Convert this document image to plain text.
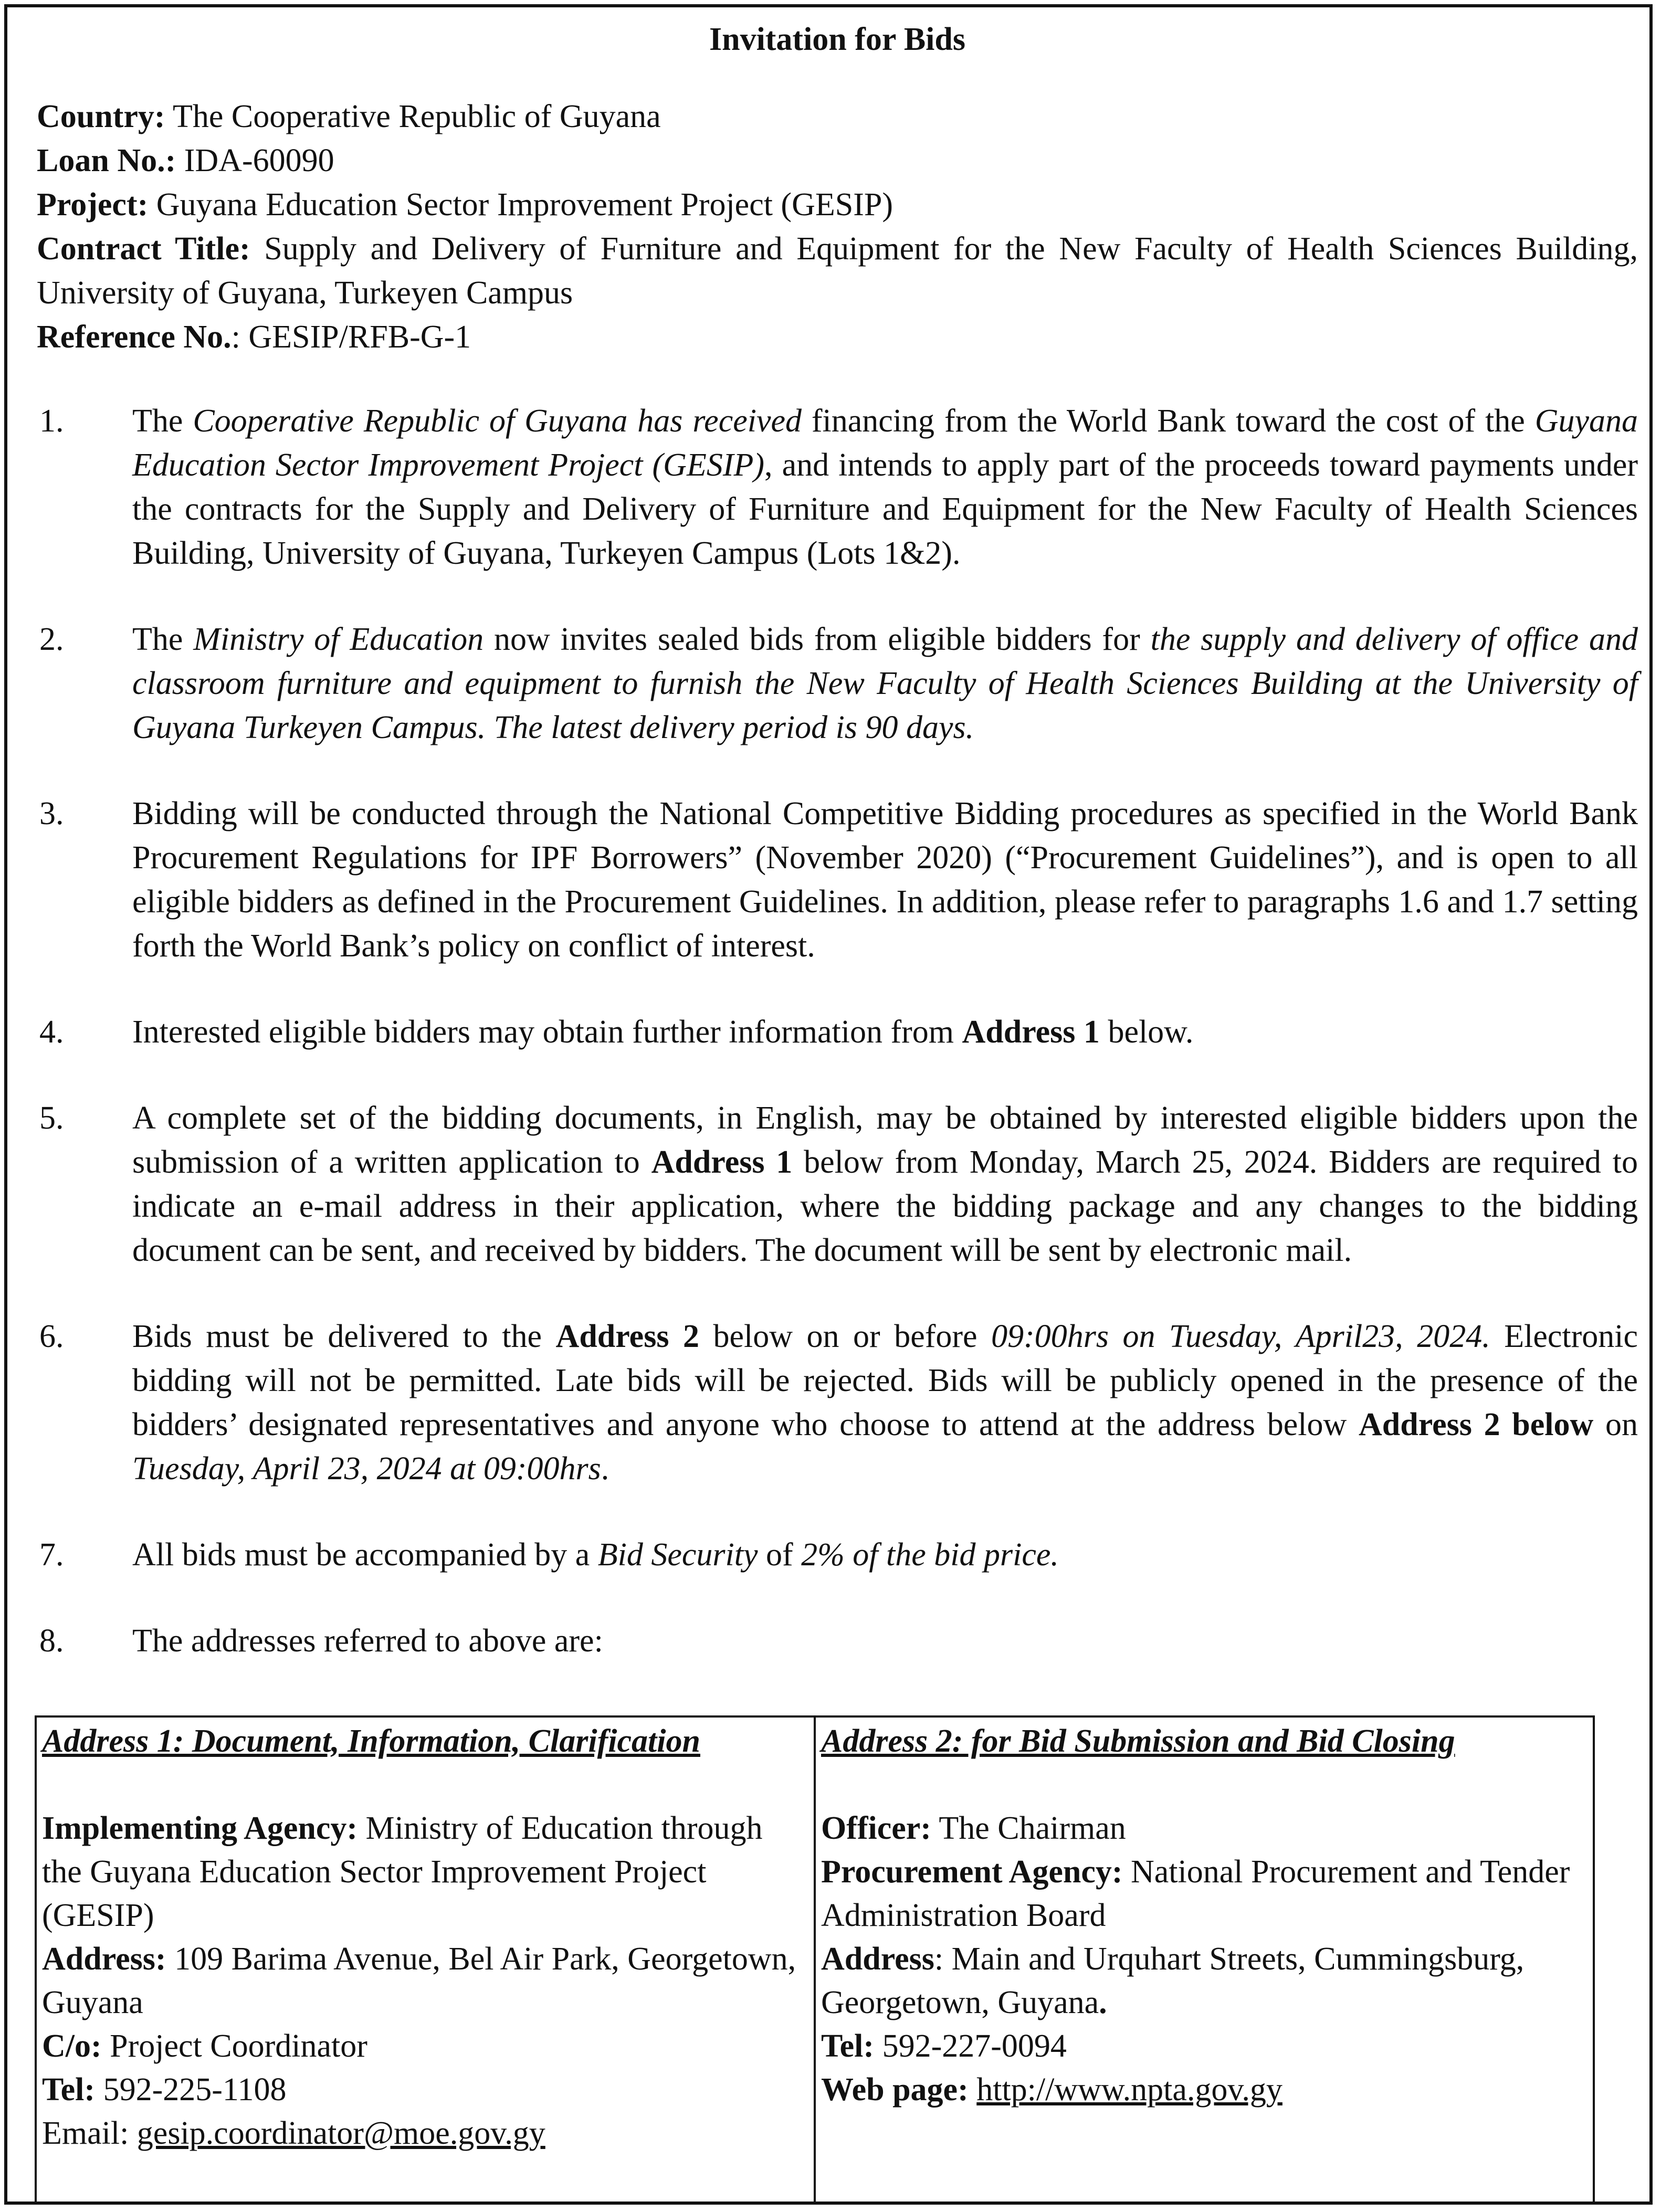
Invitation for Bids
Country: The Cooperative Republic of Guyana
Loan No.: IDA-60090
Project: Guyana Education Sector Improvement Project (GESIP)
Contract Title: Supply and Delivery of Furniture and Equipment for the New Faculty of Health Sciences Building, University of Guyana, Turkeyen Campus
Reference No.: GESIP/RFB-G-1
1. The Cooperative Republic of Guyana has received financing from the World Bank toward the cost of the Guyana Education Sector Improvement Project (GESIP), and intends to apply part of the proceeds toward payments under the contracts for the Supply and Delivery of Furniture and Equipment for the New Faculty of Health Sciences Building, University of Guyana, Turkeyen Campus (Lots 1&2).
2. The Ministry of Education now invites sealed bids from eligible bidders for the supply and delivery of office and classroom furniture and equipment to furnish the New Faculty of Health Sciences Building at the University of Guyana Turkeyen Campus. The latest delivery period is 90 days.
3. Bidding will be conducted through the National Competitive Bidding procedures as specified in the World Bank Procurement Regulations for IPF Borrowers” (November 2020) (“Procurement Guidelines”), and is open to all eligible bidders as defined in the Procurement Guidelines. In addition, please refer to paragraphs 1.6 and 1.7 setting forth the World Bank’s policy on conflict of interest.
4. Interested eligible bidders may obtain further information from Address 1 below.
5. A complete set of the bidding documents, in English, may be obtained by interested eligible bidders upon the submission of a written application to Address 1 below from Monday, March 25, 2024. Bidders are required to indicate an e-mail address in their application, where the bidding package and any changes to the bidding document can be sent, and received by bidders. The document will be sent by electronic mail.
6. Bids must be delivered to the Address 2 below on or before 09:00hrs on Tuesday, April23, 2024. Electronic bidding will not be permitted. Late bids will be rejected. Bids will be publicly opened in the presence of the bidders’ designated representatives and anyone who choose to attend at the address below Address 2 below on Tuesday, April 23, 2024 at 09:00hrs.
7. All bids must be accompanied by a Bid Security of 2% of the bid price.
8. The addresses referred to above are:
Address 1: Document, Information, Clarification
Implementing Agency: Ministry of Education through the Guyana Education Sector Improvement Project (GESIP)
Address: 109 Barima Avenue, Bel Air Park, Georgetown, Guyana
C/o: Project Coordinator
Tel: 592-225-1108
Email: gesip.coordinator@moe.gov.gy

Address 2: for Bid Submission and Bid Closing
Officer: The Chairman
Procurement Agency: National Procurement and Tender Administration Board
Address: Main and Urquhart Streets, Cummingsburg, Georgetown, Guyana.
Tel: 592-227-0094
Web page: http://www.npta.gov.gy
